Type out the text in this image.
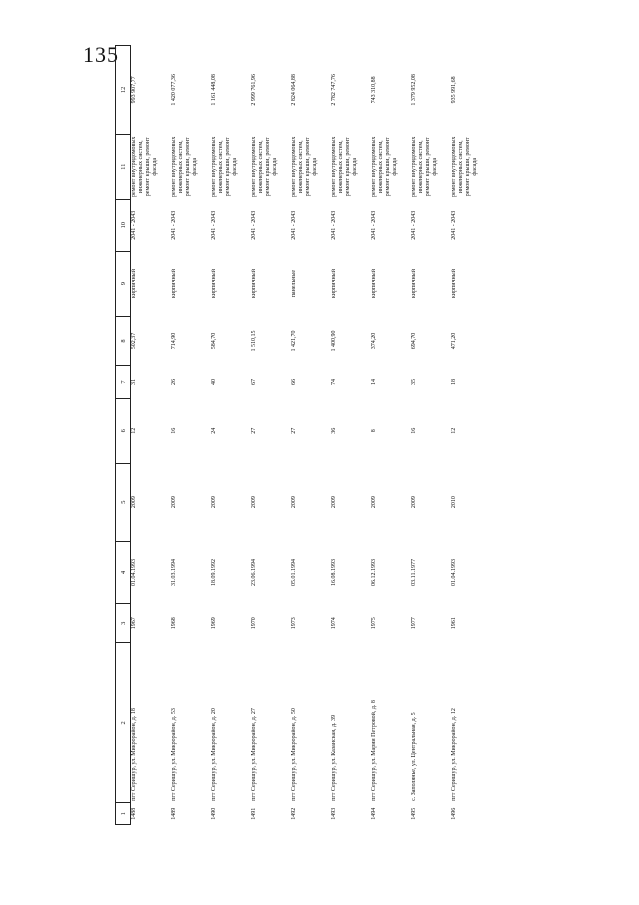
135
1	2	3	4	5	6	7	8	9	10	11	12
1488	пгт Серишур, ул. Микрорайон, д. 18	1967	01.04.1993	2009	12	31	502,37	кирпичный	2041 - 2043	ремонт внутридомовых инженерных систем, ремонт крыши, ремонт фасада	993 907,77
1489	пгт Серишур, ул. Микрорайон, д. 53	1968	31.03.1994	2009	16	26	714,90	кирпичный	2041 - 2043	ремонт внутридомовых инженерных систем, ремонт крыши, ремонт фасада	1 420 077,36
1490	пгт Серишур, ул. Микрорайон, д. 20	1969	18.09.1992	2009	24	40	584,70	кирпичный	2041 - 2043	ремонт внутридомовых инженерных систем, ремонт крыши, ремонт фасада	1 161 448,08
1491	пгт Серишур, ул. Микрорайон, д. 27	1970	23.06.1994	2009	27	67	1 510,15	кирпичный	2041 - 2043	ремонт внутридомовых инженерных систем, ремонт крыши, ремонт фасада	2 999 761,96
1492	пгт Серишур, ул. Микрорайон, д. 50	1973	05.01.1994	2009	27	66	1 421,70	панельные	2041 - 2043	ремонт внутридомовых инженерных систем, ремонт крыши, ремонт фасада	2 824 064,88
1493	пгт Серишур, ул. Казанская, д. 39	1974	16.08.1993	2009	36	74	1 400,90	кирпичный	2041 - 2043	ремонт внутридомовых инженерных систем, ремонт крыши, ремонт фасада	2 782 747,76
1494	пгт Серишур, ул. Марии Петровой, д. 8	1975	06.12.1993	2009	8	14	374,20	кирпичный	2041 - 2043	ремонт внутридомовых инженерных систем, ремонт крыши, ремонт фасада	743 310,88
1495	с. Заполянье, ул. Центральная, д. 5	1977	03.11.1977	2009	16	35	694,70	кирпичный	2041 - 2043	ремонт внутридомовых инженерных систем, ремонт крыши, ремонт фасада	1 379 952,08
1496	пгт Серишур, ул. Микрорайон, д. 12	1961	01.04.1993	2010	12	18	471,20	кирпичный	2041 - 2043	ремонт внутридомовых инженерных систем, ремонт крыши, ремонт фасада	935 991,68
